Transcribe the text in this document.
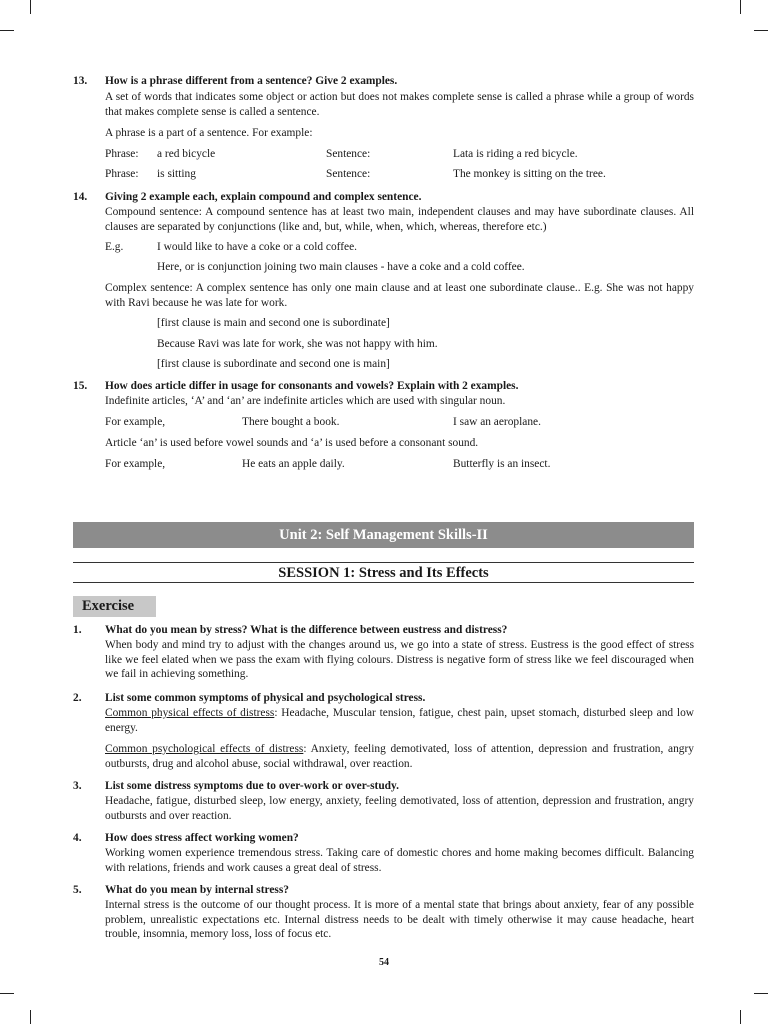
13. How is a phrase different from a sentence? Give 2 examples.
A set of words that indicates some object or action but does not makes complete sense is called a phrase while a group of words that makes complete sense is called a sentence.
A phrase is a part of a sentence. For example:
Phrase: a red bicycle	Sentence:	Lata is riding a red bicycle.
Phrase: is sitting	Sentence:	The monkey is sitting on the tree.
14. Giving 2 example each, explain compound and complex sentence.
Compound sentence: A compound sentence has at least two main, independent clauses and may have subordinate clauses. All clauses are separated by conjunctions (like and, but, while, when, which, whereas, therefore etc.)
E.g.	I would like to have a coke or a cold coffee.
Here, or is conjunction joining two main clauses - have a coke and a cold coffee.
Complex sentence: A complex sentence has only one main clause and at least one subordinate clause.. E.g. She was not happy with Ravi because he was late for work.
[first clause is main and second one is subordinate]
Because Ravi was late for work, she was not happy with him.
[first clause is subordinate and second one is main]
15. How does article differ in usage for consonants and vowels? Explain with 2 examples.
Indefinite articles, ‘A’ and ‘an’ are indefinite articles which are used with singular noun.
For example,	There bought a book.	I saw an aeroplane.
Article ‘an’ is used before vowel sounds and ‘a’ is used before a consonant sound.
For example,	He eats an apple daily.	Butterfly is an insect.
Unit 2: Self Management Skills-II
SESSION 1: Stress and Its Effects
Exercise
1. What do you mean by stress? What is the difference between eustress and distress?
When body and mind try to adjust with the changes around us, we go into a state of stress. Eustress is the good effect of stress like we feel elated when we pass the exam with flying colours. Distress is negative form of stress like we feel discouraged when we fail in achieving something.
2. List some common symptoms of physical and psychological stress.
Common physical effects of distress: Headache, Muscular tension, fatigue, chest pain, upset stomach, disturbed sleep and low energy.
Common psychological effects of distress: Anxiety, feeling demotivated, loss of attention, depression and frustration, angry outbursts, drug and alcohol abuse, social withdrawal, over reaction.
3. List some distress symptoms due to over-work or over-study.
Headache, fatigue, disturbed sleep, low energy, anxiety, feeling demotivated, loss of attention, depression and frustration, angry outbursts and over reaction.
4. How does stress affect working women?
Working women experience tremendous stress. Taking care of domestic chores and home making becomes difficult. Balancing with relations, friends and work causes a great deal of stress.
5. What do you mean by internal stress?
Internal stress is the outcome of our thought process. It is more of a mental state that brings about anxiety, fear of any possible problem, unrealistic expectations etc. Internal distress needs to be dealt with timely otherwise it may cause headache, heart trouble, insomnia, memory loss, loss of focus etc.
54
